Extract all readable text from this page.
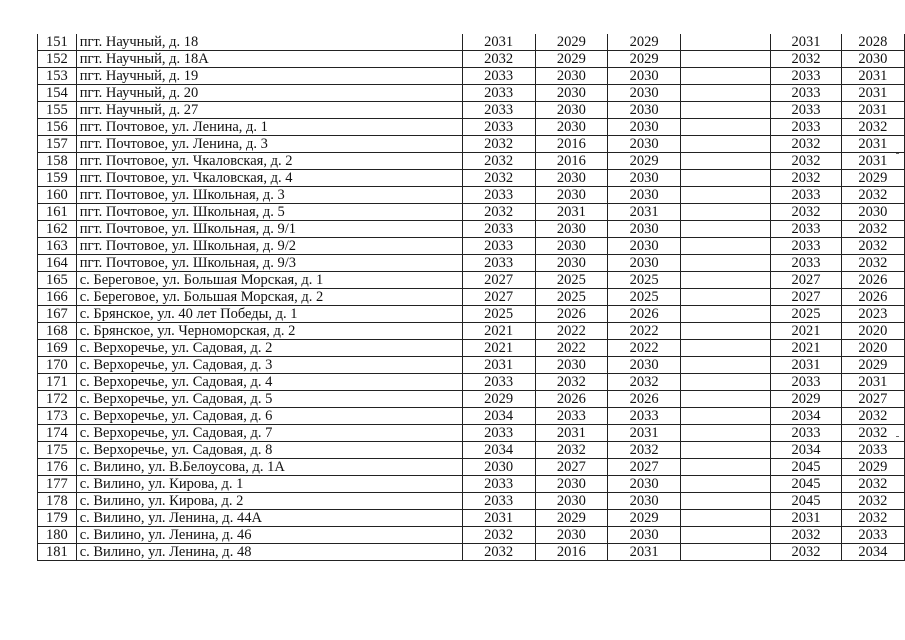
151	пгт. Научный, д. 18	2031	2029	2029		2031	2028
152	пгт. Научный, д. 18А	2032	2029	2029		2032	2030
153	пгт. Научный, д. 19	2033	2030	2030		2033	2031
154	пгт. Научный, д. 20	2033	2030	2030		2033	2031
155	пгт. Научный, д. 27	2033	2030	2030		2033	2031
156	пгт. Почтовое, ул. Ленина, д. 1	2033	2030	2030		2033	2032
157	пгт. Почтовое, ул. Ленина, д. 3	2032	2016	2030		2032	2031
158	пгт. Почтовое, ул. Чкаловская, д. 2	2032	2016	2029		2032	2031
159	пгт. Почтовое, ул. Чкаловская, д. 4	2032	2030	2030		2032	2029
160	пгт. Почтовое, ул. Школьная, д. 3	2033	2030	2030		2033	2032
161	пгт. Почтовое, ул. Школьная, д. 5	2032	2031	2031		2032	2030
162	пгт. Почтовое, ул. Школьная, д. 9/1	2033	2030	2030		2033	2032
163	пгт. Почтовое, ул. Школьная, д. 9/2	2033	2030	2030		2033	2032
164	пгт. Почтовое, ул. Школьная, д. 9/3	2033	2030	2030		2033	2032
165	с. Береговое, ул. Большая Морская, д. 1	2027	2025	2025		2027	2026
166	с. Береговое, ул. Большая Морская, д. 2	2027	2025	2025		2027	2026
167	с. Брянское, ул. 40 лет Победы, д. 1	2025	2026	2026		2025	2023
168	с. Брянское, ул. Черноморская, д. 2	2021	2022	2022		2021	2020
169	с. Верхоречье, ул. Садовая, д. 2	2021	2022	2022		2021	2020
170	с. Верхоречье, ул. Садовая, д. 3	2031	2030	2030		2031	2029
171	с. Верхоречье, ул. Садовая, д. 4	2033	2032	2032		2033	2031
172	с. Верхоречье, ул. Садовая, д. 5	2029	2026	2026		2029	2027
173	с. Верхоречье, ул. Садовая, д. 6	2034	2033	2033		2034	2032
174	с. Верхоречье, ул. Садовая, д. 7	2033	2031	2031		2033	2032
175	с. Верхоречье, ул. Садовая, д. 8	2034	2032	2032		2034	2033
176	с. Вилино, ул. В.Белоусова, д. 1А	2030	2027	2027		2045	2029
177	с. Вилино, ул. Кирова, д. 1	2033	2030	2030		2045	2032
178	с. Вилино, ул. Кирова, д. 2	2033	2030	2030		2045	2032
179	с. Вилино, ул. Ленина, д. 44А	2031	2029	2029		2031	2032
180	с. Вилино, ул. Ленина, д. 46	2032	2030	2030		2032	2033
181	с. Вилино, ул. Ленина, д. 48	2032	2016	2031		2032	2034
